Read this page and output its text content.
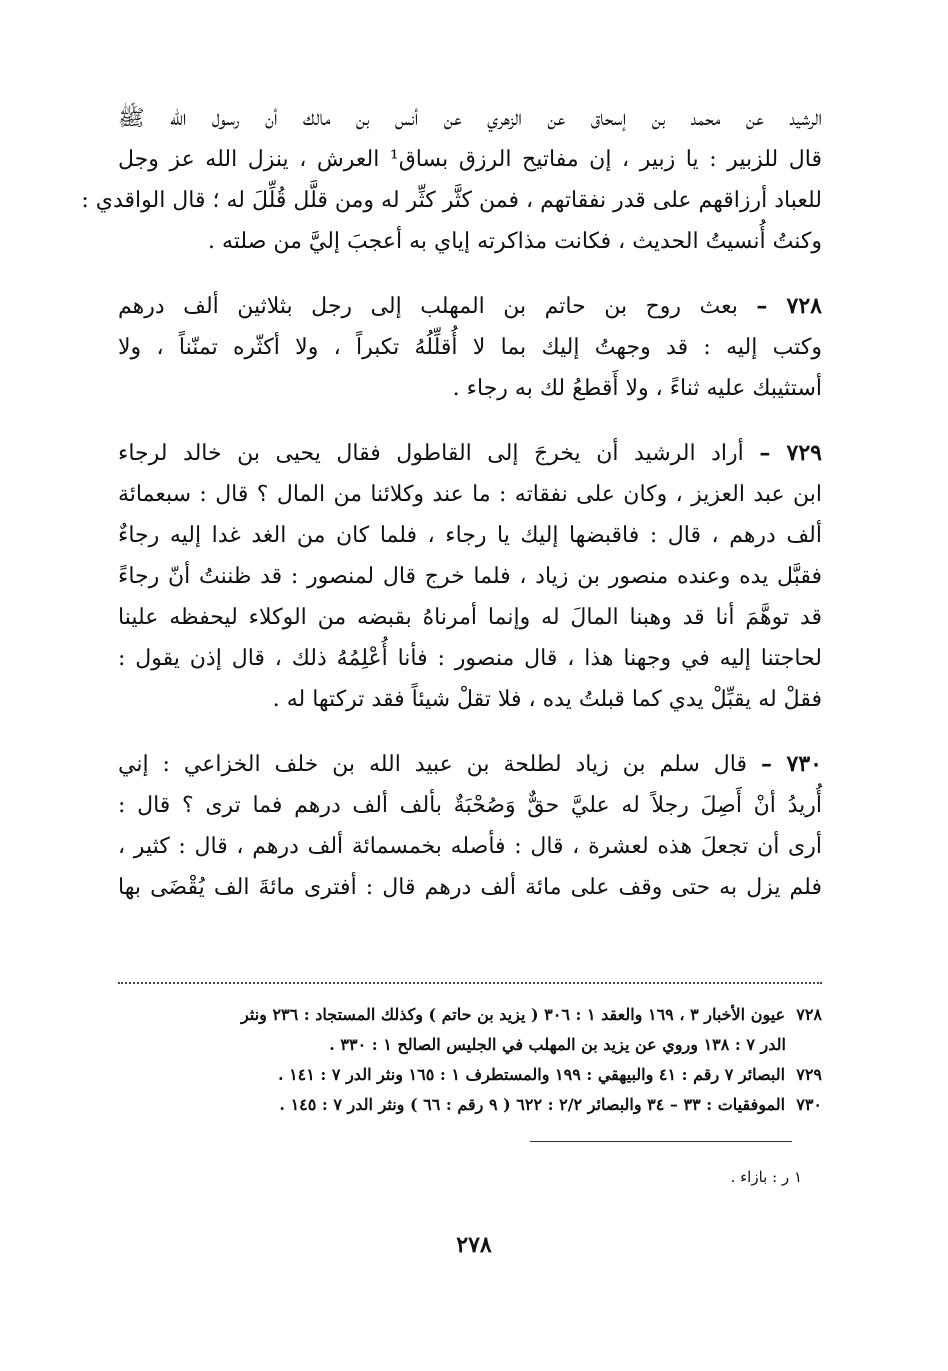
الرشيد عن محمد بن إسحاق عن الزهري عن أنس بن مالك أن رسول الله ﷺ
قال للزبير : يا زبير ، إن مفاتيح الرزق بساق¹ العرش ، ينزل الله عز وجل
للعباد أرزاقهم على قدر نفقاتهم ، فمن كثَّر كثِّر له ومن قلَّل قُلِّلَ له ؛ قال الواقدي :
وكنتُ أُنسيتُ الحديث ، فكانت مذاكرته إياي به أعجبَ إليَّ من صلته .
٧٢٨ – بعث روح بن حاتم بن المهلب إلى رجل بثلاثين ألف درهم
وكتب إليه : قد وجهتُ إليك بما لا أُقلِّلُهُ تكبراً ، ولا أكثّره تمنّناً ، ولا
أستثيبك عليه ثناءً ، ولا أَقطعُ لك به رجاء .
٧٢٩ – أراد الرشيد أن يخرجَ إلى القاطول فقال يحيى بن خالد لرجاء
ابن عبد العزيز ، وكان على نفقاته : ما عند وكلائنا من المال ؟ قال : سبعمائة
ألف درهم ، قال : فاقبضها إليك يا رجاء ، فلما كان من الغد غدا إليه رجاءٌ
فقبَّل يده وعنده منصور بن زياد ، فلما خرج قال لمنصور : قد ظننتُ أنّ رجاءً
قد توهَّمَ أنا قد وهبنا المالَ له وإنما أمرناهُ بقبضه من الوكلاء ليحفظه علينا
لحاجتنا إليه في وجهنا هذا ، قال منصور : فأنا أُعْلِمُهُ ذلك ، قال إذن يقول :
فقلْ له يقبِّلْ يدي كما قبلتُ يده ، فلا تقلْ شيئاً فقد تركتها له .
٧٣٠ – قال سلم بن زياد لطلحة بن عبيد الله بن خلف الخزاعي : إني
أُريدُ أنْ أَصِلَ رجلاً له عليَّ حقٌّ وَصُحْبَةٌ بألف ألف درهم فما ترى ؟ قال :
أرى أن تجعلَ هذه لعشرة ، قال : فأصله بخمسمائة ألف درهم ، قال : كثير ،
فلم يزل به حتى وقف على مائة ألف درهم قال : أفترى مائةَ الف يُقْضَى بها
٧٢٨  عيون الأخبار ٣ ، ١٦٩ والعقد ١ : ٣٠٦ ( يزيد بن حاتم ) وكذلك المستجاد : ٢٣٦ ونثر
الدر ٧ : ١٣٨ وروي عن يزيد بن المهلب في الجليس الصالح ١ : ٣٣٠ .
٧٢٩  البصائر ٧ رقم : ٤١ والبيهقي : ١٩٩ والمستطرف ١ : ١٦٥ ونثر الدر ٧ : ١٤١ .
٧٣٠  الموفقيات : ٣٣ – ٣٤ والبصائر ٢/٢ : ٦٢٢ ( ٩ رقم : ٦٦ ) ونثر الدر ٧ : ١٤٥ .
١ ر : بازاء .
٢٧٨
